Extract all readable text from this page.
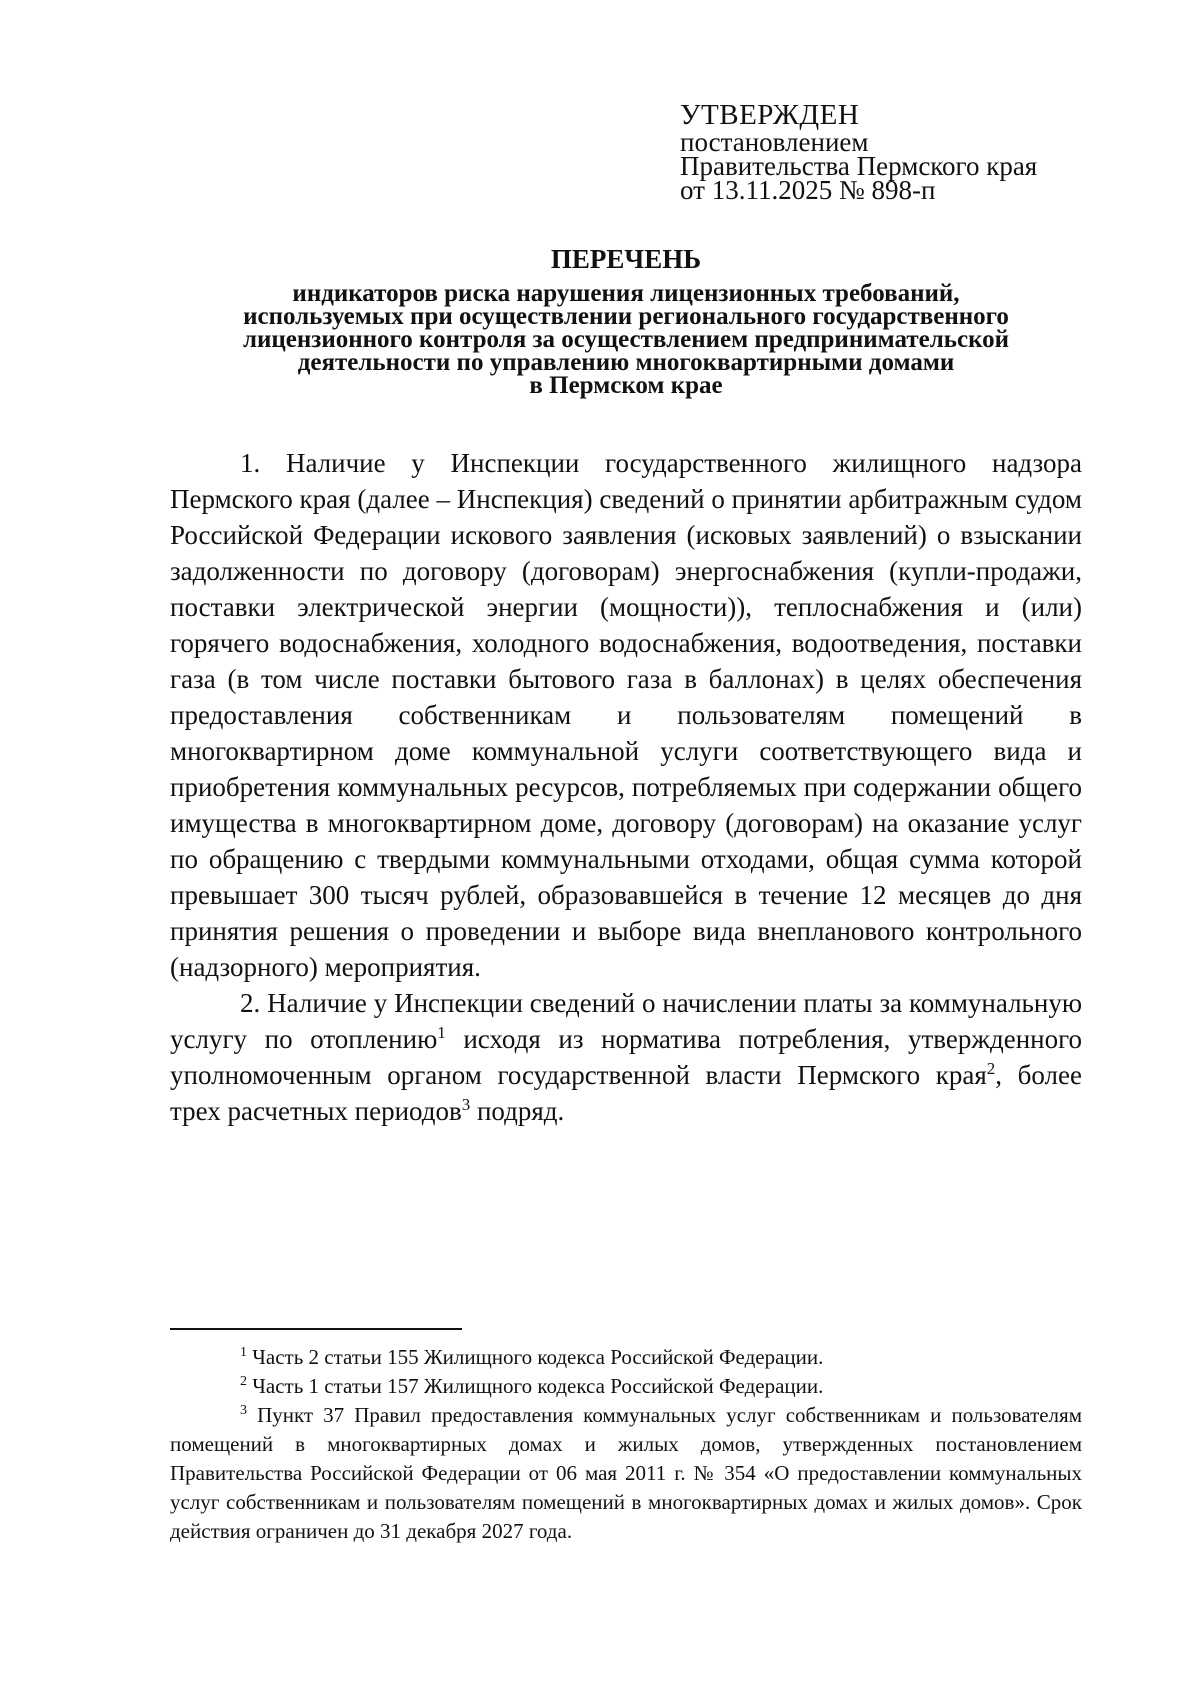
УТВЕРЖДЕН
постановлением
Правительства Пермского края
от 13.11.2025 № 898-п
ПЕРЕЧЕНЬ
индикаторов риска нарушения лицензионных требований,
используемых при осуществлении регионального государственного
лицензионного контроля за осуществлением предпринимательской
деятельности по управлению многоквартирными домами
в Пермском крае

1. Наличие у Инспекции государственного жилищного надзора Пермского края (далее – Инспекция) сведений о принятии арбитражным судом Российской Федерации искового заявления (исковых заявлений) о взыскании задолженности по договору (договорам) энергоснабжения (купли-продажи, поставки электрической энергии (мощности)), теплоснабжения и (или) горячего водоснабжения, холодного водоснабжения, водоотведения, поставки газа (в том числе поставки бытового газа в баллонах) в целях обеспечения предоставления собственникам и пользователям помещений в многоквартирном доме коммунальной услуги соответствующего вида и приобретения коммунальных ресурсов, потребляемых при содержании общего имущества в многоквартирном доме, договору (договорам) на оказание услуг по обращению с твердыми коммунальными отходами, общая сумма которой превышает 300 тысяч рублей, образовавшейся в течение 12 месяцев до дня принятия решения о проведении и выборе вида внепланового контрольного (надзорного) мероприятия.

2. Наличие у Инспекции сведений о начислении платы за коммунальную услугу по отоплению$^1$ исходя из норматива потребления, утвержденного уполномоченным органом государственной власти Пермского края$^2$, более трех расчетных периодов$^3$ подряд.

$^1$ Часть 2 статьи 155 Жилищного кодекса Российской Федерации.

$^2$ Часть 1 статьи 157 Жилищного кодекса Российской Федерации.

$^3$ Пункт 37 Правил предоставления коммунальных услуг собственникам и пользователям помещений в многоквартирных домах и жилых домов, утвержденных постановлением Правительства Российской Федерации от 06 мая 2011 г. № 354 «О предоставлении коммунальных услуг собственникам и пользователям помещений в многоквартирных домах и жилых домов». Срок действия ограничен до 31 декабря 2027 года.
